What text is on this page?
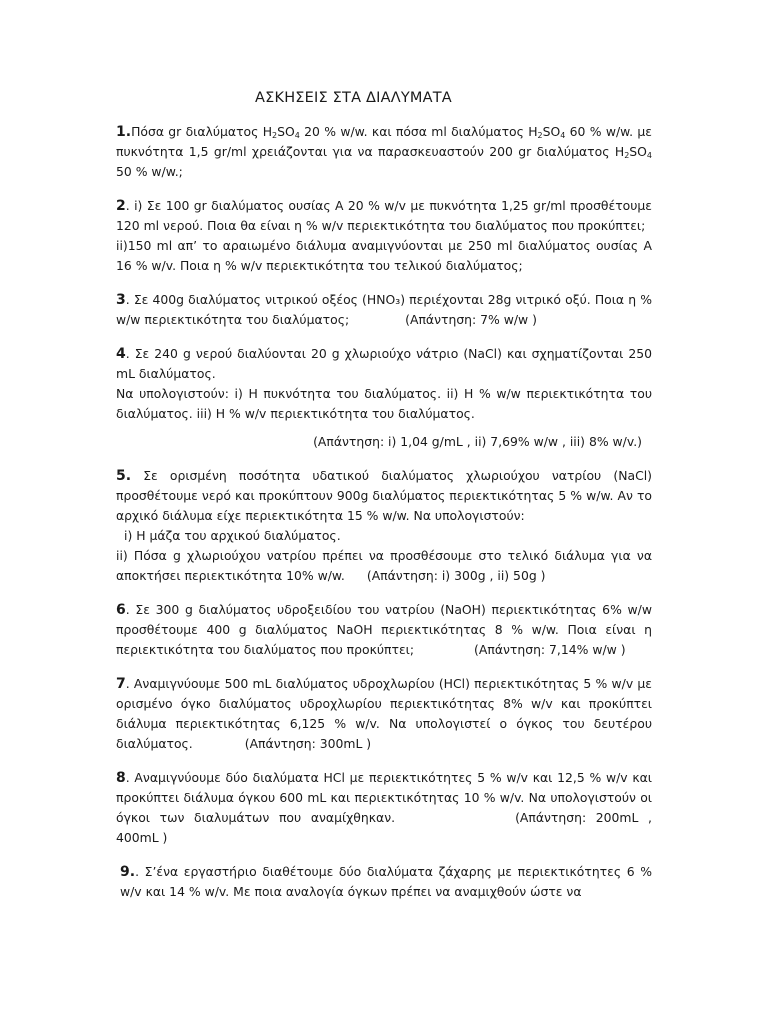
ΑΣΚΗΣΕΙΣ ΣΤΑ ΔΙΑΛΥΜΑΤΑ

1.Πόσα gr διαλύματος $H_2SO_4$ 20 % w/w. και πόσα ml διαλύματος $H_2SO_4$ 60 % w/w. με πυκνότητα 1,5 gr/ml χρειάζονται για να παρασκευαστούν 200 gr διαλύματος $H_2SO_4$ 50 % w/w.;

2. i) Σε 100 gr διαλύματος ουσίας Α 20 % w/v με πυκνότητα 1,25 gr/ml προσθέτουμε 120 ml νερού. Ποια θα είναι η % w/v περιεκτικότητα του διαλύματος που προκύπτει;

ii)150 ml απ’ το αραιωμένο διάλυμα αναμιγνύονται με 250 ml διαλύματος ουσίας Α 16 % w/v. Ποια η % w/v περιεκτικότητα του τελικού διαλύματος;

3. Σε 400g διαλύματος νιτρικού οξέος (HNO₃) περιέχονται 28g νιτρικό οξύ. Ποια η % w/w περιεκτικότητα του διαλύματος;	(Απάντηση: 7% w/w )

4. Σε 240 g νερού διαλύονται 20 g χλωριούχο νάτριο (NaCl) και σχηματίζονται 250 mL διαλύματος.

Να υπολογιστούν: i) Η πυκνότητα του διαλύματος. ii) Η % w/w περιεκτικότητα του διαλύματος. iii) Η % w/v περιεκτικότητα του διαλύματος.

(Απάντηση: i) 1,04 g/mL , ii) 7,69% w/w , iii) 8% w/v.)

5. Σε ορισμένη ποσότητα υδατικού διαλύματος χλωριούχου νατρίου (NaCl) προσθέτουμε νερό και προκύπτουν 900g διαλύματος περιεκτικότητας 5 % w/w. Αν το αρχικό διάλυμα είχε περιεκτικότητα 15 % w/w. Να υπολογιστούν:

i) Η μάζα του αρχικού διαλύματος.

ii) Πόσα g χλωριούχου νατρίου πρέπει να προσθέσουμε στο τελικό διάλυμα για να αποκτήσει περιεκτικότητα 10% w/w. (Απάντηση: i) 300g , ii) 50g )

6. Σε 300 g διαλύματος υδροξειδίου του νατρίου (NaOH) περιεκτικότητας 6% w/w προσθέτουμε 400 g διαλύματος NaOH περιεκτικότητας 8 % w/w. Ποια είναι η περιεκτικότητα του διαλύματος που προκύπτει;	(Απάντηση: 7,14% w/w )

7. Αναμιγνύουμε 500 mL διαλύματος υδροχλωρίου (HCl) περιεκτικότητας 5 % w/v με ορισμένο όγκο διαλύματος υδροχλωρίου περιεκτικότητας 8% w/v και προκύπτει διάλυμα περιεκτικότητας 6,125 % w/v. Να υπολογιστεί ο όγκος του δευτέρου διαλύματος.	(Απάντηση: 300mL )

8. Αναμιγνύουμε δύο διαλύματα HCl με περιεκτικότητες 5 % w/v και 12,5 % w/v και προκύπτει διάλυμα όγκου 600 mL και περιεκτικότητας 10 % w/v. Να υπολογιστούν οι όγκοι των διαλυμάτων που αναμίχθηκαν.	(Απάντηση: 200mL , 400mL )

9.. Σ’ένα εργαστήριο διαθέτουμε δύο διαλύματα ζάχαρης με περιεκτικότητες 6 % w/v και 14 % w/v. Με ποια αναλογία όγκων πρέπει να αναμιχθούν ώστε να
